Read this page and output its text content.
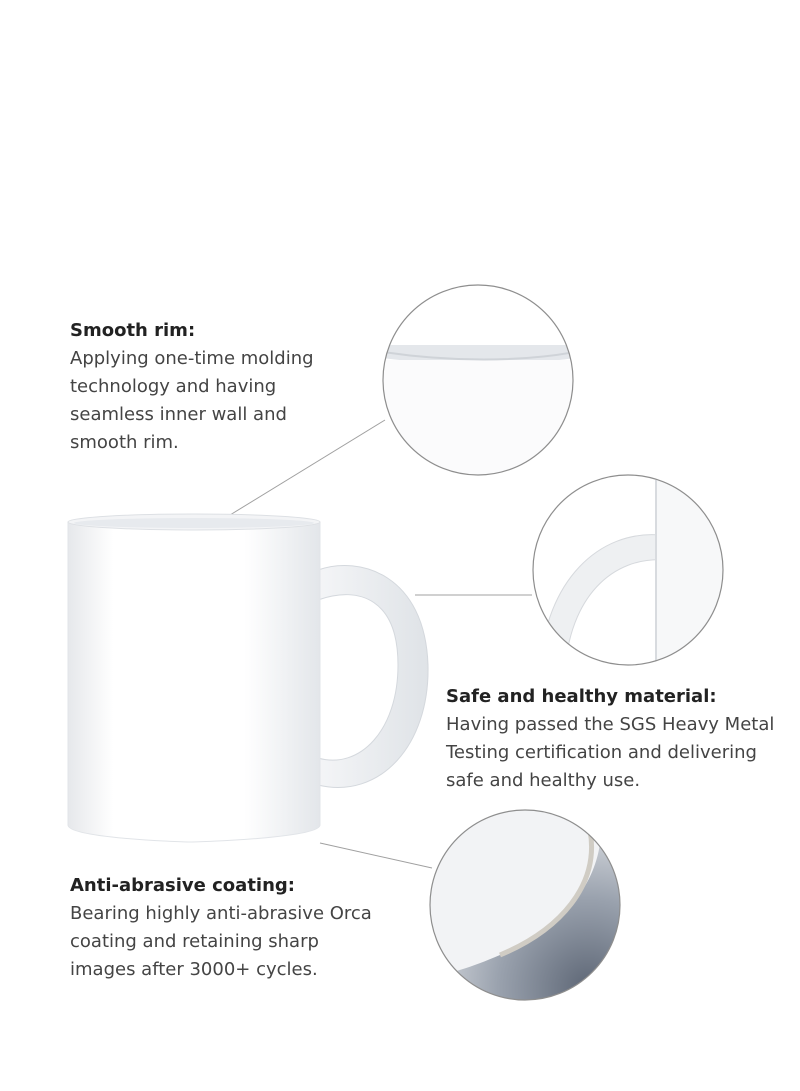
Smooth rim:
Applying one-time molding
technology and having
seamless inner wall and
smooth rim.
Safe and healthy material:
Having passed the SGS Heavy Metal
Testing certification and delivering
safe and healthy use.
Anti-abrasive coating:
Bearing highly anti-abrasive Orca
coating and retaining sharp
images after 3000+ cycles.
